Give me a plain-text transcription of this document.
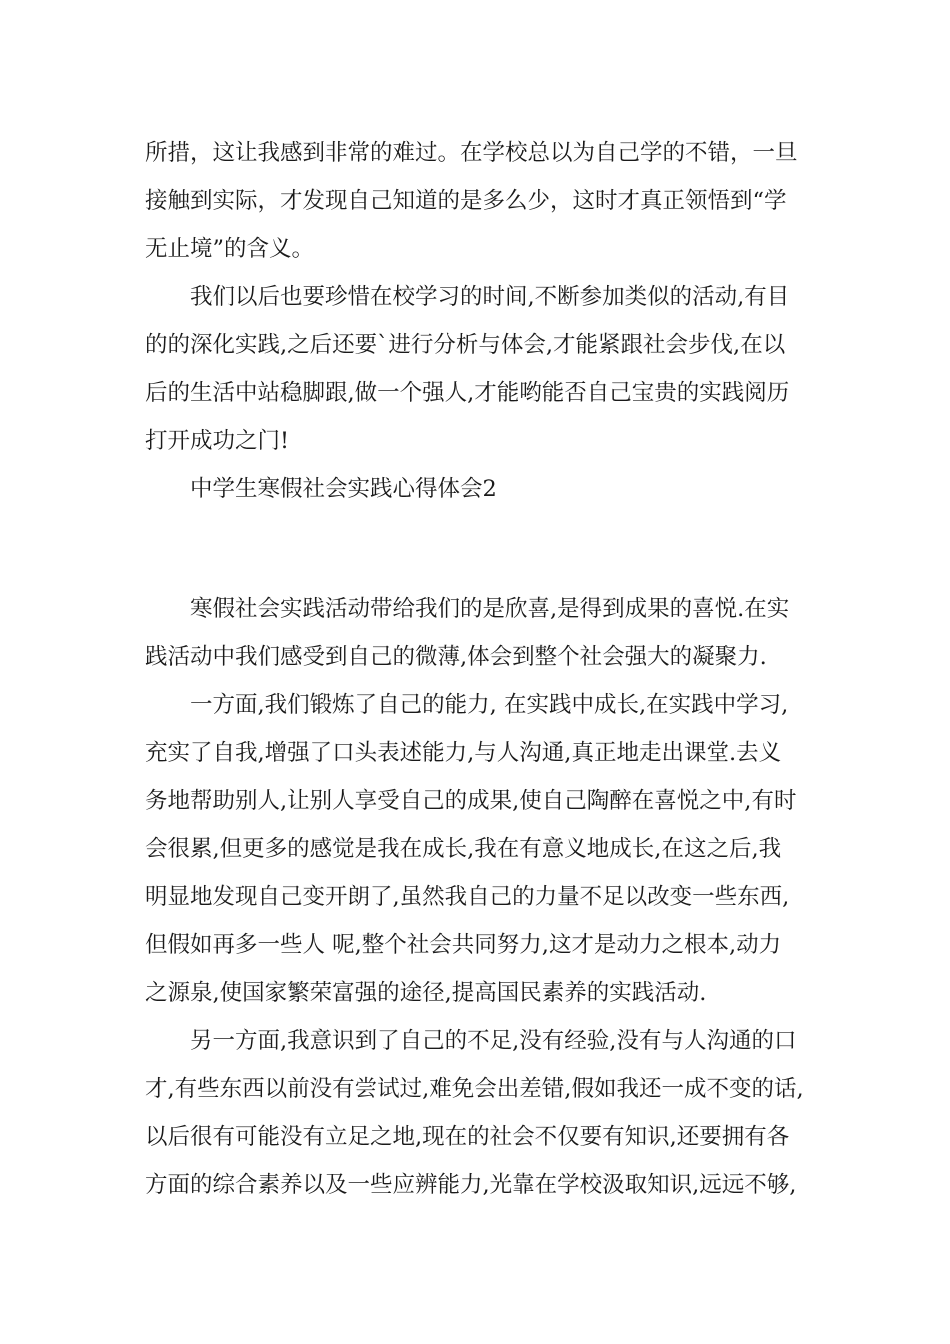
所措，这让我感到非常的难过。在学校总以为自己学的不错，一旦
接触到实际，才发现自己知道的是多么少，这时才真正领悟到“学
无止境”的含义。
我们以后也要珍惜在校学习的时间,不断参加类似的活动,有目
的的深化实践,之后还要`进行分析与体会,才能紧跟社会步伐,在以
后的生活中站稳脚跟,做一个强人,才能哟能否自己宝贵的实践阅历
打开成功之门!
中学生寒假社会实践心得体会2
寒假社会实践活动带给我们的是欣喜,是得到成果的喜悦.在实
践活动中我们感受到自己的微薄,体会到整个社会强大的凝聚力.
一方面,我们锻炼了自己的能力, 在实践中成长,在实践中学习,
充实了自我,增强了口头表述能力,与人沟通,真正地走出课堂.去义
务地帮助别人,让别人享受自己的成果,使自己陶醉在喜悦之中,有时
会很累,但更多的感觉是我在成长,我在有意义地成长,在这之后,我
明显地发现自己变开朗了,虽然我自己的力量不足以改变一些东西,
但假如再多一些人 呢,整个社会共同努力,这才是动力之根本,动力
之源泉,使国家繁荣富强的途径,提高国民素养的实践活动.
另一方面,我意识到了自己的不足,没有经验,没有与人沟通的口
才,有些东西以前没有尝试过,难免会出差错,假如我还一成不变的话,
以后很有可能没有立足之地,现在的社会不仅要有知识,还要拥有各
方面的综合素养以及一些应辨能力,光靠在学校汲取知识,远远不够,
